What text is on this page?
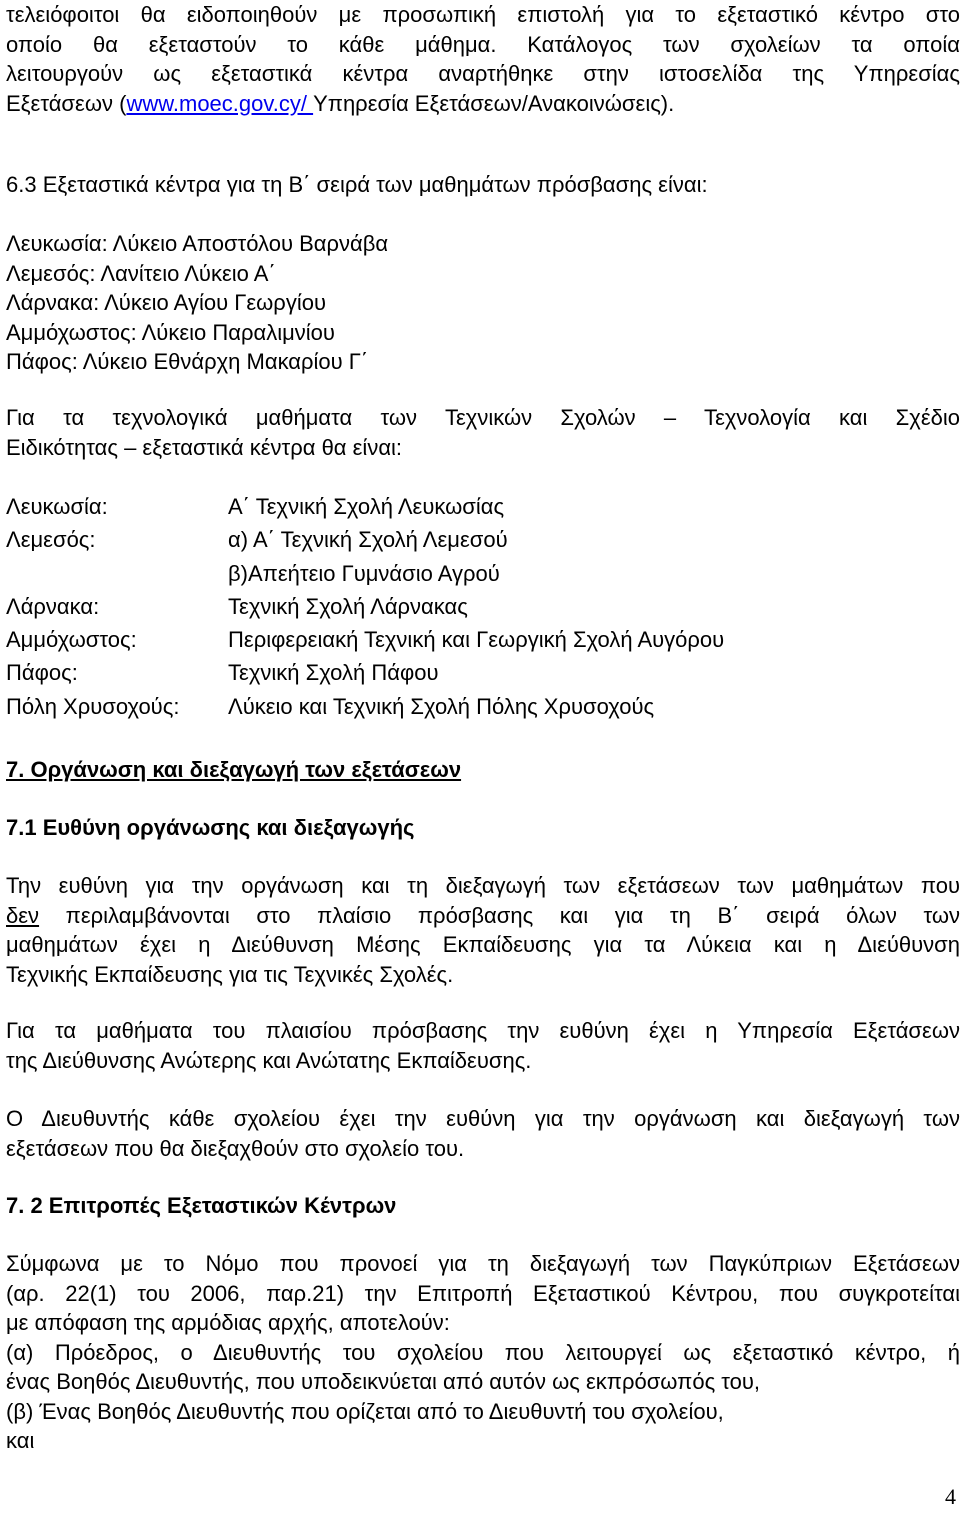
τελειόφοιτοι θα ειδοποιηθούν με προσωπική επιστολή για το εξεταστικό κέντρο στο

οποίο θα εξεταστούν το κάθε μάθημα. Κατάλογος των σχολείων τα οποία

λειτουργούν ως εξεταστικά κέντρα αναρτήθηκε στην ιστοσελίδα της Υπηρεσίας

Εξετάσεων (www.moec.gov.cy/ Υπηρεσία Εξετάσεων/Ανακοινώσεις).

6.3 Εξεταστικά κέντρα για τη Β΄ σειρά των μαθημάτων πρόσβασης είναι:

Λευκωσία: Λύκειο Αποστόλου Βαρνάβα

Λεμεσός: Λανίτειο Λύκειο Α΄

Λάρνακα: Λύκειο Αγίου Γεωργίου

Αμμόχωστος: Λύκειο Παραλιμνίου

Πάφος: Λύκειο Εθνάρχη Μακαρίου Γ΄

Για τα τεχνολογικά μαθήματα των Τεχνικών Σχολών – Τεχνολογία και Σχέδιο

Ειδικότητας – εξεταστικά κέντρα θα είναι:

Λευκωσία:	Α΄ Τεχνική Σχολή Λευκωσίας
Λεμεσός:	α) Α΄ Τεχνική Σχολή Λεμεσού
β)Απεήτειο Γυμνάσιο Αγρού
Λάρνακα:	Τεχνική Σχολή Λάρνακας
Αμμόχωστος:	Περιφερειακή Τεχνική και Γεωργική Σχολή Αυγόρου
Πάφος:	Τεχνική Σχολή Πάφου
Πόλη Χρυσοχούς:	Λύκειο και Τεχνική Σχολή Πόλης Χρυσοχούς

7. Οργάνωση και διεξαγωγή των εξετάσεων

7.1 Ευθύνη οργάνωσης και διεξαγωγής

Την ευθύνη για την οργάνωση και τη διεξαγωγή των εξετάσεων των μαθημάτων που

δεν περιλαμβάνονται στο πλαίσιο πρόσβασης και για τη Β΄ σειρά όλων των

μαθημάτων έχει η Διεύθυνση Μέσης Εκπαίδευσης για τα Λύκεια και η Διεύθυνση

Τεχνικής Εκπαίδευσης για τις Τεχνικές Σχολές.

Για τα μαθήματα του πλαισίου πρόσβασης την ευθύνη έχει η Υπηρεσία Εξετάσεων

της Διεύθυνσης Ανώτερης και Ανώτατης Εκπαίδευσης.

Ο Διευθυντής κάθε σχολείου έχει την ευθύνη για την οργάνωση και διεξαγωγή των

εξετάσεων που θα διεξαχθούν στο σχολείο του.

7. 2 Επιτροπές Εξεταστικών Κέντρων

Σύμφωνα με το Νόμο που προνοεί για τη διεξαγωγή των Παγκύπριων Εξετάσεων

(αρ. 22(1) του 2006, παρ.21) την Επιτροπή Εξεταστικού Κέντρου, που συγκροτείται

με απόφαση της αρμόδιας αρχής, αποτελούν:

(α) Πρόεδρος, ο Διευθυντής του σχολείου που λειτουργεί ως εξεταστικό κέντρο, ή

ένας Βοηθός Διευθυντής, που υποδεικνύεται από αυτόν ως εκπρόσωπός του,

(β) Ένας Βοηθός Διευθυντής που ορίζεται από το Διευθυντή του σχολείου,

και

4
